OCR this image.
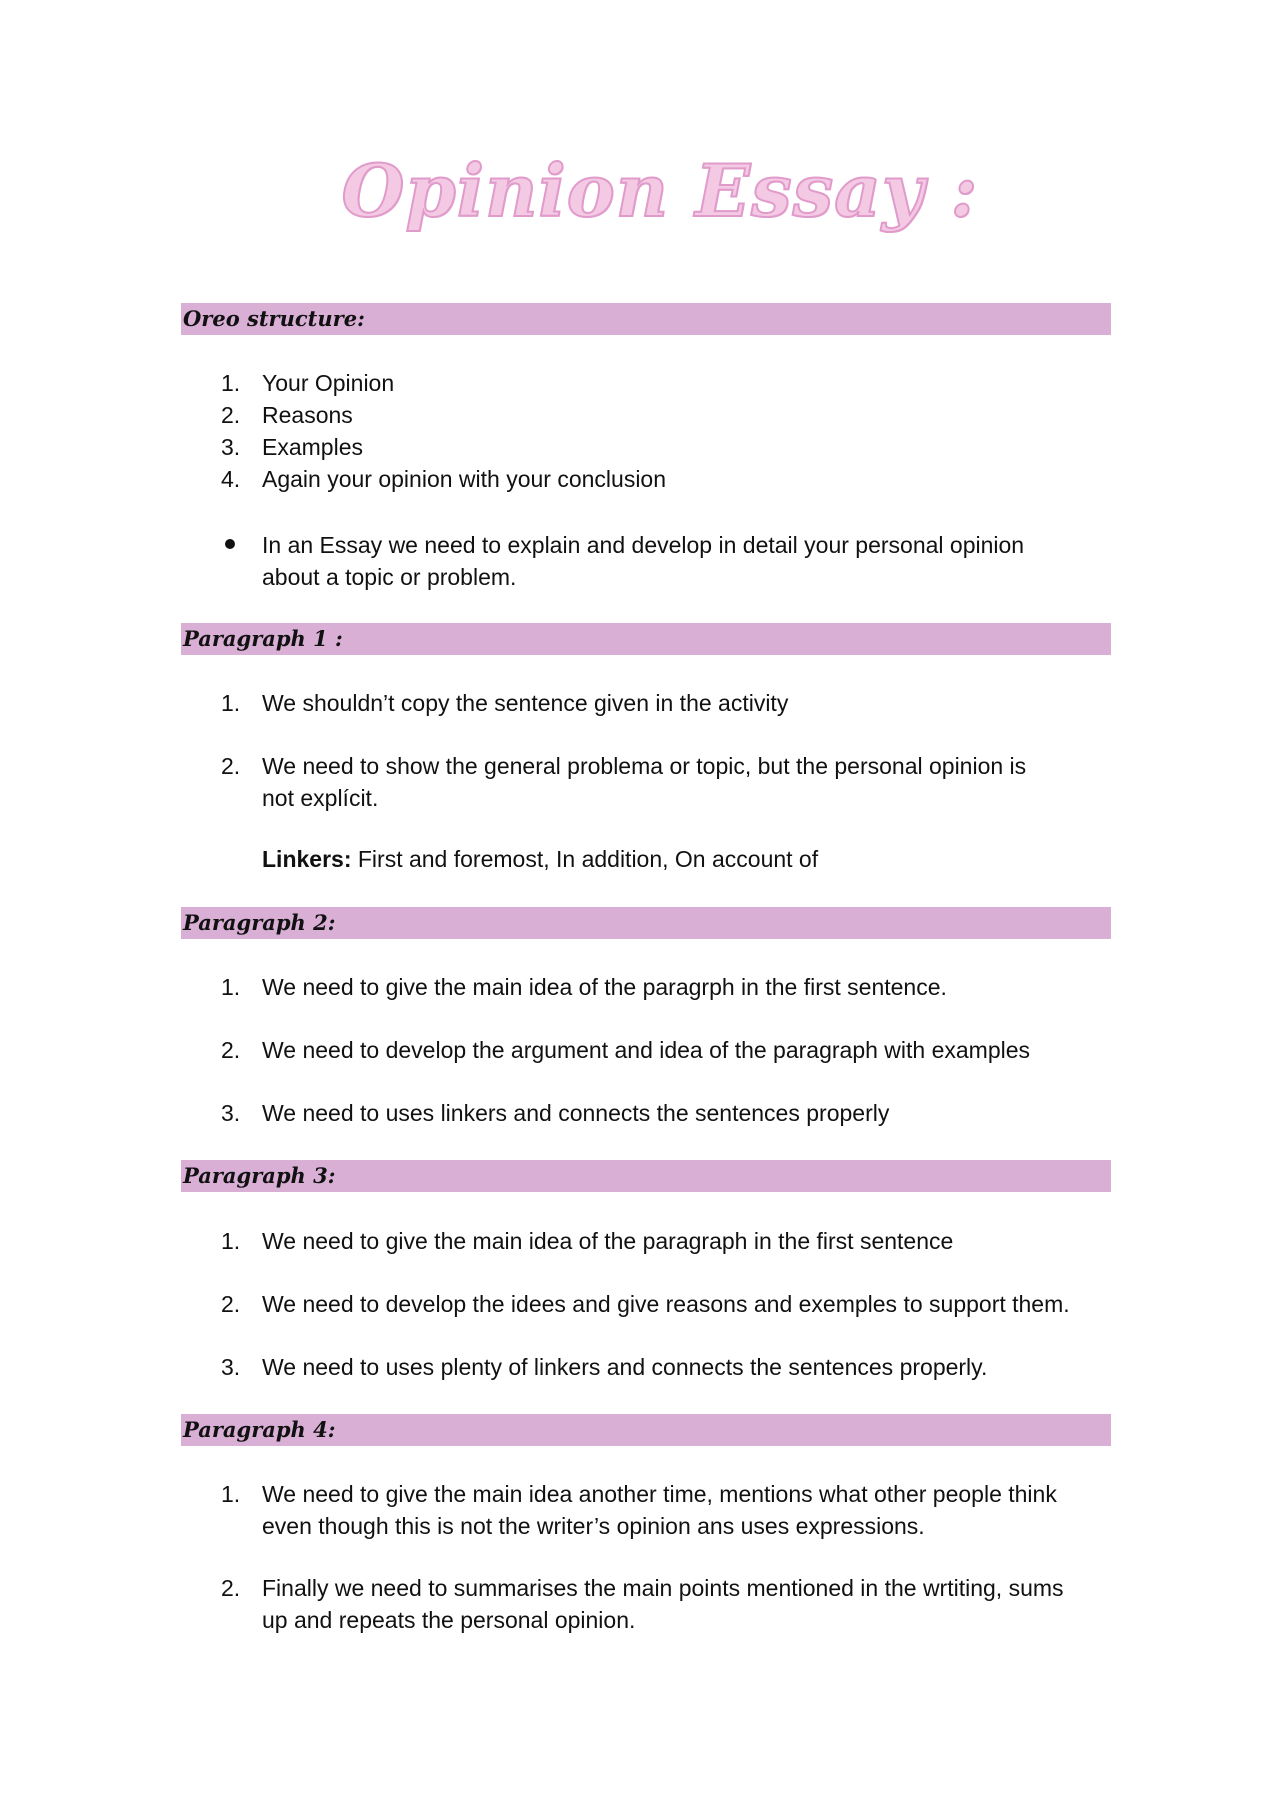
Opinion Essay :
Oreo structure:
1. Your Opinion
2. Reasons
3. Examples
4. Again your opinion with your conclusion
In an Essay we need to explain and develop in detail your personal opinion
about a topic or problem.
Paragraph 1 :
1. We shouldn’t copy the sentence given in the activity
2. We need to show the general problema or topic, but the personal opinion is
not explícit.
Linkers: First and foremost, In addition, On account of
Paragraph 2:
1. We need to give the main idea of the paragrph in the first sentence.
2. We need to develop the argument and idea of the paragraph with examples
3. We need to uses linkers and connects the sentences properly
Paragraph 3:
1. We need to give the main idea of the paragraph in the first sentence
2. We need to develop the idees and give reasons and exemples to support them.
3. We need to uses plenty of linkers and connects the sentences properly.
Paragraph 4:
1. We need to give the main idea another time, mentions what other people think
even though this is not the writer’s opinion ans uses expressions.
2. Finally we need to summarises the main points mentioned in the wrtiting, sums
up and repeats the personal opinion.
